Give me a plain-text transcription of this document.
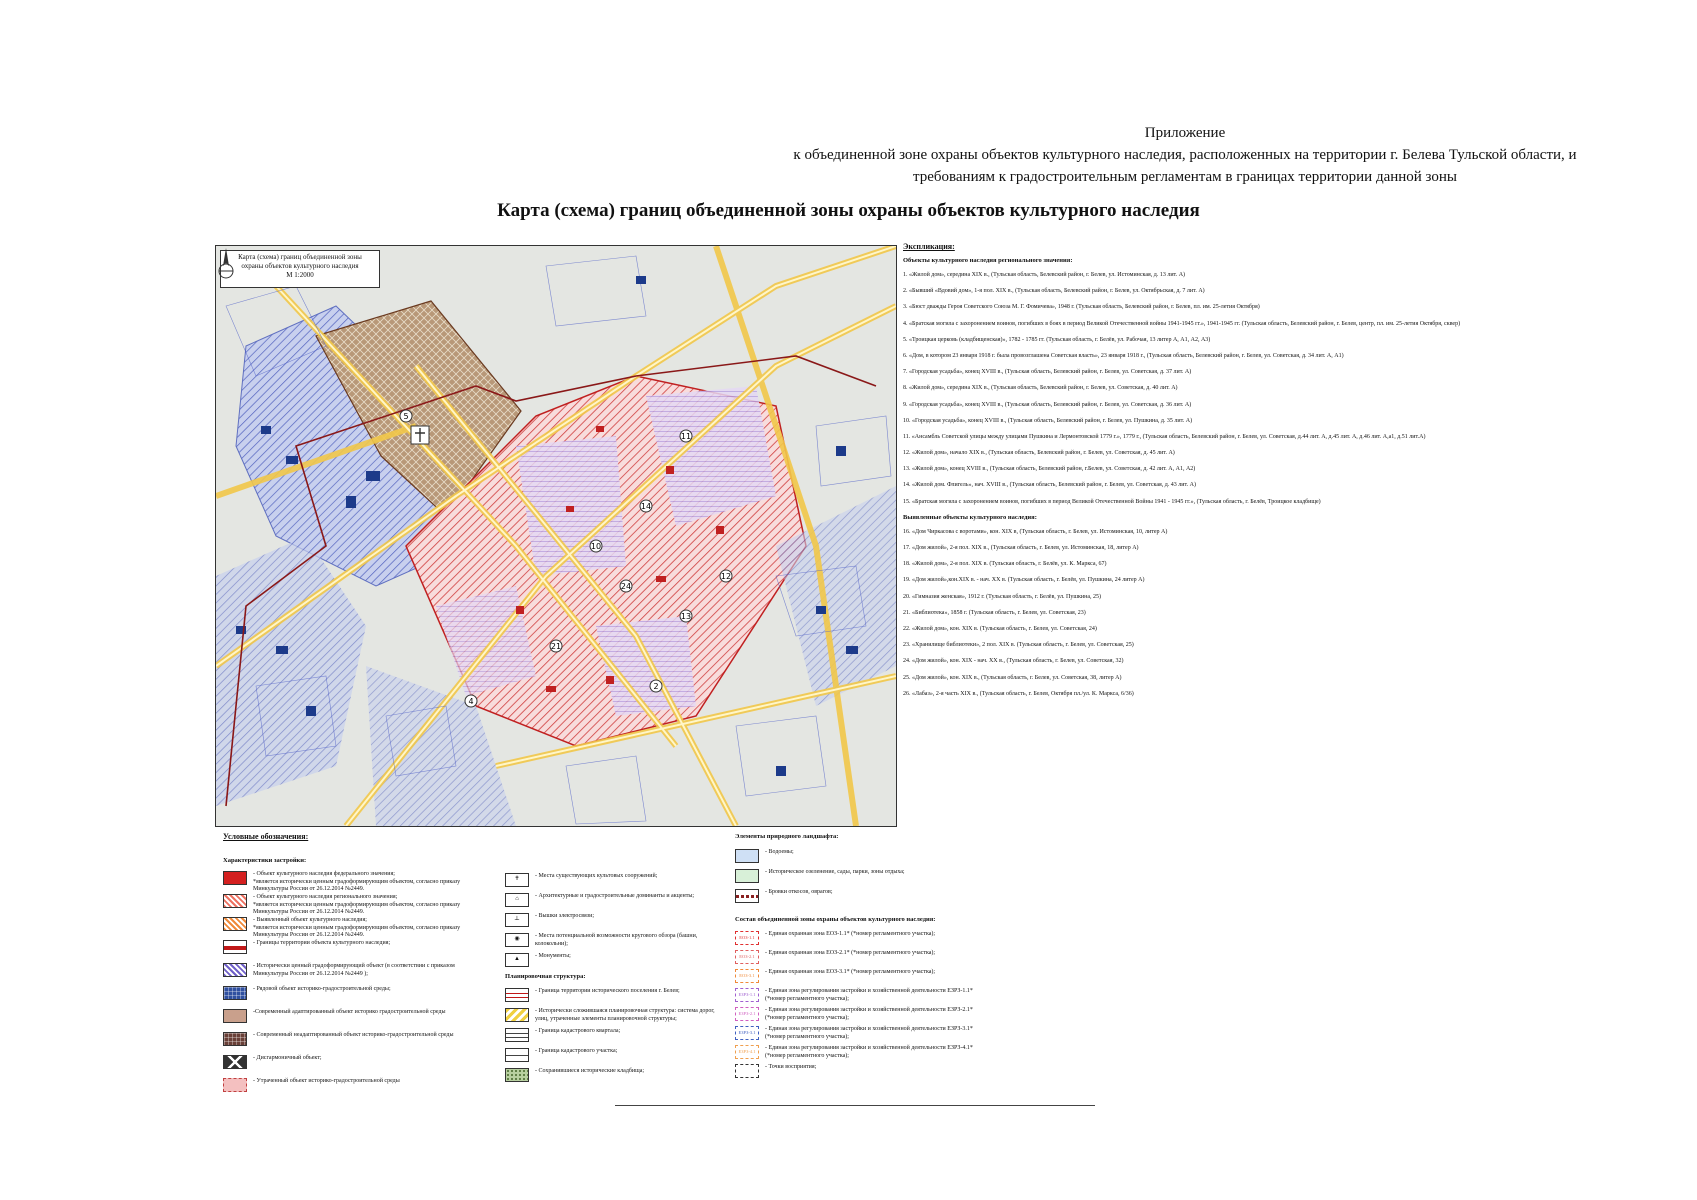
Приложение
к объединенной зоне охраны объектов культурного наследия, расположенных на территории г. Белева Тульской области, и
требованиям к градостроительным регламентам в границах территории данной зоны
Карта (схема) границ объединенной зоны охраны объектов культурного наследия
5
11
14
10
24
21
2
4
12
13
Карта (схема) границ объединенной зоны
охраны объектов культурного наследия
М 1:2000
Экспликация:
Объекты культурного наследия регионального значения:
1. «Жилой дом», середина XIX в., (Тульская область, Белевский район, г. Белев, ул. Истоминская, д. 13 лит. А)
2. «Бывший «Вдовий дом», 1-я пол. XIX в., (Тульская область, Белевский район, г. Белев, ул. Октябрьская, д. 7 лит. А)
3. «Бюст дважды Героя Советского Союза М. Г. Фомичева», 1948 г. (Тульская область, Белевский район, г. Белев, пл. им. 25-летия Октября)
4. «Братская могила с захоронением воинов, погибших в боях в период Великой Отечественной войны 1941-1945 гг.», 1941-1945 гг. (Тульская область, Белевский район, г. Белев, центр, пл. им. 25-летия Октября, сквер)
5. «Троицкая церковь (кладбищенская)», 1782 - 1785 гг. (Тульская область, г. Белёв, ул. Рабочая, 13 литер А, А1, А2, А3)
6. «Дом, в котором 23 января 1918 г. была провозглашена Советская власть», 23 января 1918 г., (Тульская область, Белевский район, г. Белев, ул. Советская, д. 34 лит. А, А1)
7. «Городская усадьба», конец XVIII в., (Тульская область, Белевский район, г. Белев, ул. Советская, д. 37 лит. А)
8. «Жилой дом», середина XIX в., (Тульская область, Белевский район, г. Белев, ул. Советская, д. 40 лит. А)
9. «Городская усадьба», конец XVIII в., (Тульская область, Белевский район, г. Белев, ул. Советская, д. 36 лит. А)
10. «Городская усадьба», конец XVIII в., (Тульская область, Белевский район, г. Белев, ул. Пушкина, д. 35 лит. А)
11. «Ансамбль Советской улицы между улицами Пушкина и Лермонтовской 1779 г.», 1779 г., (Тульская область, Белевский район, г. Белев, ул. Советская, д.44 лит. А, д.45 лит. А, д.46 лит. А,а1, д.51 лит.А)
12. «Жилой дом», начало XIX в., (Тульская область, Белевский район, г. Белев, ул. Советская, д. 45 лит. А)
13. «Жилой дом», конец XVIII в., (Тульская область, Белевский район, г.Белев, ул. Советская, д. 42 лит. А, А1, А2)
14. «Жилой дом. Флигель», нач. XVIII в., (Тульская область, Белевский район, г. Белев, ул. Советская, д. 43 лит. А)
15. «Братская могила с захоронением воинов, погибших в период Великой Отечественной Войны 1941 - 1945 гг.», (Тульская область, г. Белёв, Троицкое кладбище)
Выявленные объекты культурного наследия:
16. «Дом Чиркасова с воротами», кон. XIX в, (Тульская область, г. Белев, ул. Истоминская, 10, литер А)
17. «Дом жилой», 2-я пол. XIX в., (Тульская область, г. Белев, ул. Истоминская, 18, литер А)
18. «Жилой дом», 2-я пол. XIX в. (Тульская область, г. Белёв, ул. К. Маркса, 67)
19. «Дом жилой»,кон.XIX в. - нач. XX в. (Тульская область, г. Белёв, ул. Пушкина, 24 литер А)
20. «Гимназия женская», 1912 г. (Тульская область, г. Белёв, ул. Пушкина, 25)
21. «Библиотека», 1858 г. (Тульская область, г. Белев, ул. Советская, 23)
22. «Жилой дом», кон. XIX в. (Тульская область, г. Белев, ул. Советская, 24)
23. «Хранилище библиотеки», 2 пол. XIX в. (Тульская область, г. Белев, ул. Советская, 25)
24. «Дом жилой», кон. XIX - нач. XX в., (Тульская область, г. Белев, ул. Советская, 32)
25. «Дом жилой», кон. XIX в., (Тульская область, г. Белев, ул. Советская, 38, литер А)
26. «Лабаз», 2-я часть XIX в., (Тульская область, г. Белев, Октября пл./ул. К. Маркса, 6/36)
Условные обозначения:
Характеристики застройки:
- Объект культурного наследия федерального значения;
*является исторически ценным градоформирующим объектом, согласно приказу Минкультуры России от 26.12.2014 №2449.
- Объект культурного наследия регионального значения;
*является исторически ценным градоформирующим объектом, согласно приказу Минкультуры России от 26.12.2014 №2449.
- Выявленный объект культурного наследия;
*является исторически ценным градоформирующим объектом, согласно приказу Минкультуры России от 26.12.2014 №2449.
- Границы территории объекта культурного наследия;
- Исторически ценный градоформирующий объект (в соответствии с приказом Минкультуры России от 26.12.2014 №2449 );
- Рядовой объект историко-градостроительной среды;
-Современный адаптированный объект историко градостроительной среды
- Современный неадаптированный объект историко-градостроительной среды
- Дисгармоничный объект;
- Утраченный объект историко-градостроительной среды
✝
- Места существующих культовых сооружений;
⌂
- Архитектурные и градостроительные доминанты и акценты;
⊥
- Вышки электросвязи;
◉
- Места потенциальной возможности кругового обзора (башни, колокольни);
▲
- Монументы;
Планировочная структура:
- Граница территории исторического поселения г. Белев;
- Исторически сложившаяся планировочная структура: система дорог, улиц, утраченные элементы планировочной структуры;
- Граница кадастрового квартала;
- Граница кадастрового участка;
- Сохранившиеся исторические кладбища;
Элементы природного ландшафта:
- Водоемы;
- Историческое озеленение, сады, парки, зоны отдыха;
- Бровки откосов, оврагов;
Состав объединенной зоны охраны объектов культурного наследия:
ЕОЗ-1.1
- Единая охранная зона ЕОЗ-1.1* (*номер регламентного участка);
ЕОЗ-2.1
- Единая охранная зона ЕОЗ-2.1* (*номер регламентного участка);
ЕОЗ-3.1
- Единая охранная зона ЕОЗ-3.1* (*номер регламентного участка);
ЕЗРЗ-1.1
- Единая зона регулирования застройки и хозяйственной деятельности ЕЗРЗ-1.1* (*номер регламентного участка);
ЕЗРЗ-2.1
- Единая зона регулирования застройки и хозяйственной деятельности ЕЗРЗ-2.1* (*номер регламентного участка);
ЕЗРЗ-3.1
- Единая зона регулирования застройки и хозяйственной деятельности ЕЗРЗ-3.1* (*номер регламентного участка);
ЕЗРЗ-4.1
- Единая зона регулирования застройки и хозяйственной деятельности ЕЗРЗ-4.1* (*номер регламентного участка);
- Точки восприятия;
